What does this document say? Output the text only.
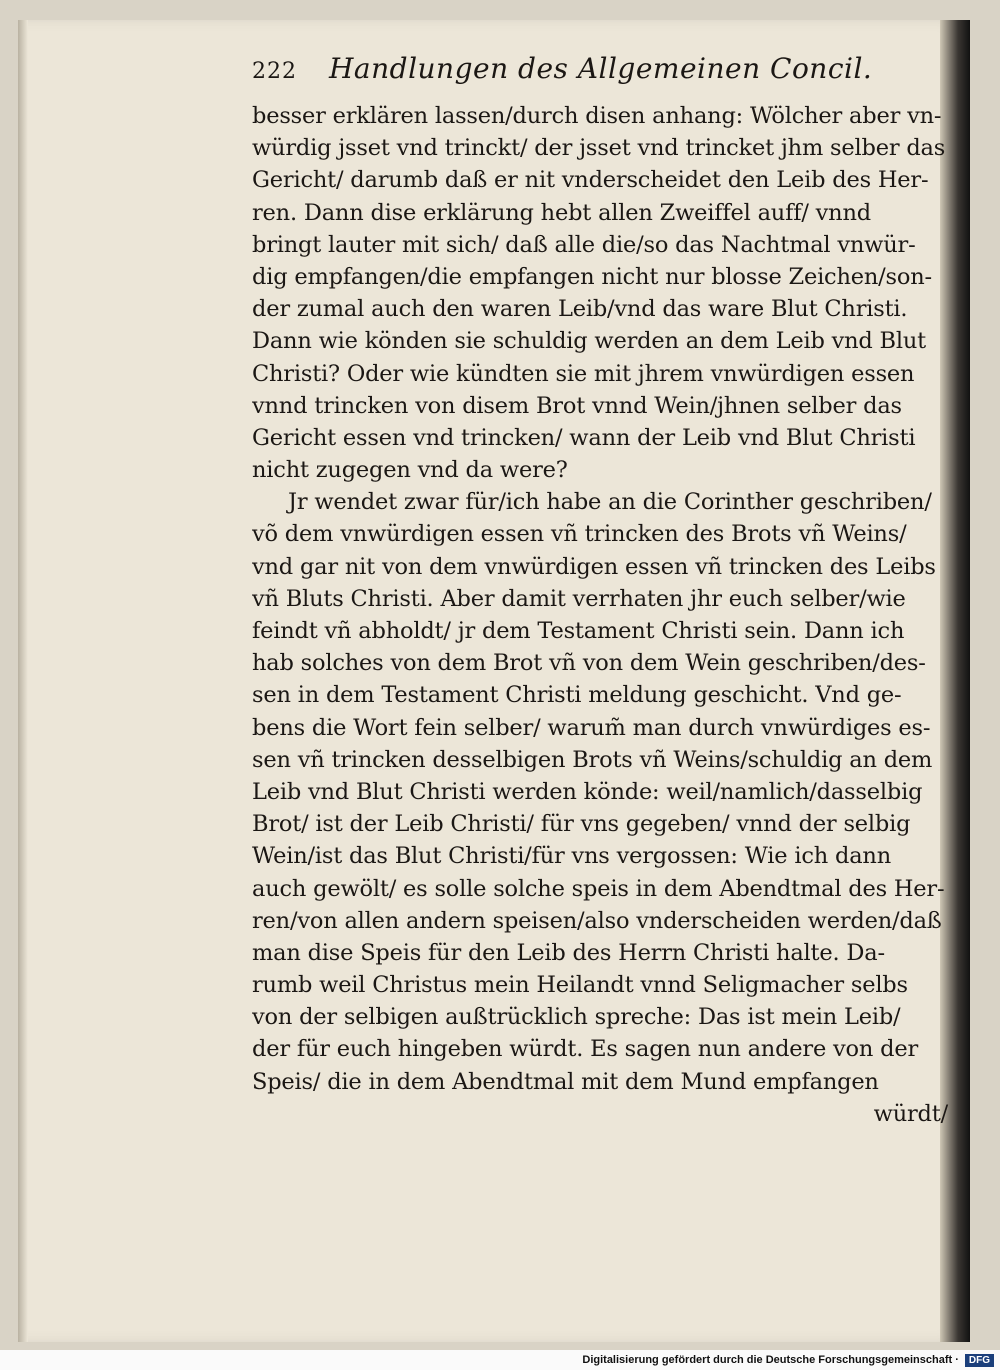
222 Handlungen des Allgemeinen Concil.
besser erklären lassen/durch disen anhang: Wölcher aber vn-
würdig jsset vnd trinckt/ der jsset vnd trincket jhm selber das
Gericht/ darumb daß er nit vnderscheidet den Leib des Her-
ren. Dann dise erklärung hebt allen Zweiffel auff/ vnnd
bringt lauter mit sich/ daß alle die/so das Nachtmal vnwür-
dig empfangen/die empfangen nicht nur blosse Zeichen/son-
der zumal auch den waren Leib/vnd das ware Blut Christi.
Dann wie könden sie schuldig werden an dem Leib vnd Blut
Christi? Oder wie kündten sie mit jhrem vnwürdigen essen
vnnd trincken von disem Brot vnnd Wein/jhnen selber das
Gericht essen vnd trincken/ wann der Leib vnd Blut Christi
nicht zugegen vnd da were?
Jr wendet zwar für/ich habe an die Corinther geschriben/
võ dem vnwürdigen essen vñ trincken des Brots vñ Weins/
vnd gar nit von dem vnwürdigen essen vñ trincken des Leibs
vñ Bluts Christi. Aber damit verrhaten jhr euch selber/wie
feindt vñ abholdt/ jr dem Testament Christi sein. Dann ich
hab solches von dem Brot vñ von dem Wein geschriben/des-
sen in dem Testament Christi meldung geschicht. Vnd ge-
bens die Wort fein selber/ warum̃ man durch vnwürdiges es-
sen vñ trincken desselbigen Brots vñ Weins/schuldig an dem
Leib vnd Blut Christi werden könde: weil/namlich/dasselbig
Brot/ ist der Leib Christi/ für vns gegeben/ vnnd der selbig
Wein/ist das Blut Christi/für vns vergossen: Wie ich dann
auch gewölt/ es solle solche speis in dem Abendtmal des Her-
ren/von allen andern speisen/also vnderscheiden werden/daß
man dise Speis für den Leib des Herrn Christi halte. Da-
rumb weil Christus mein Heilandt vnnd Seligmacher selbs
von der selbigen außtrücklich spreche: Das ist mein Leib/
der für euch hingeben würdt. Es sagen nun andere von der
Speis/ die in dem Abendtmal mit dem Mund empfangen
würdt/
Digitalisierung gefördert durch die Deutsche Forschungsgemeinschaft ·	DFG
